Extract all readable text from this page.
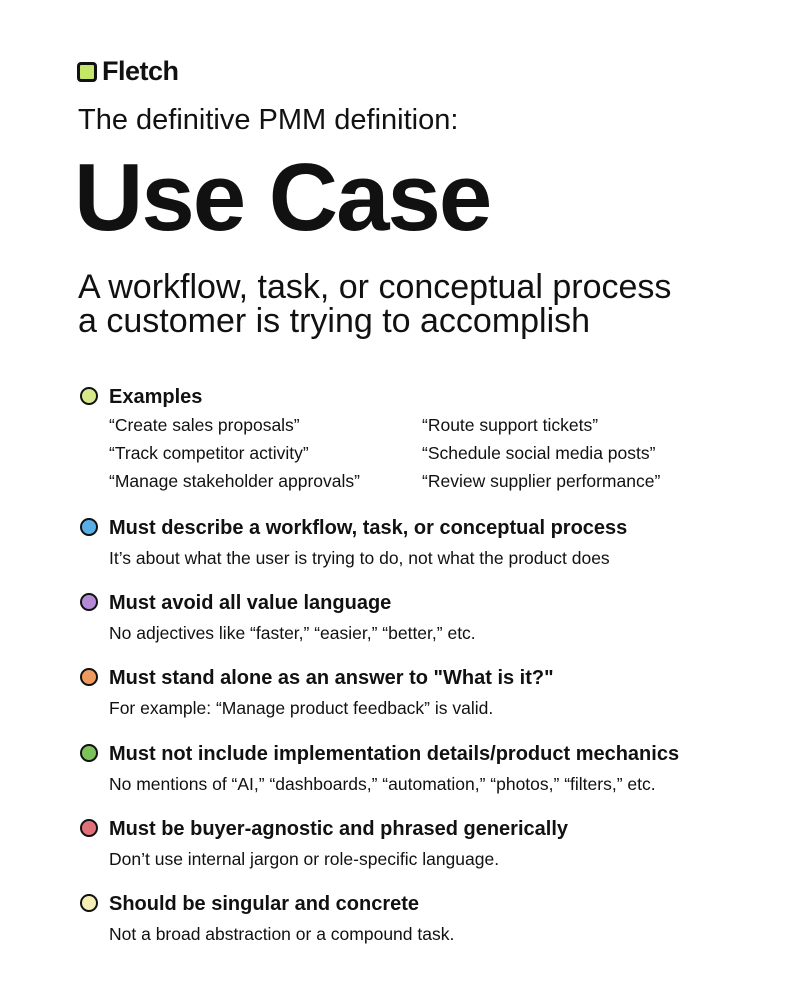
Fletch
The definitive PMM definition:
Use Case
A workflow, task, or conceptual process
a customer is trying to accomplish
Examples
“Create sales proposals”	“Route support tickets”
“Track competitor activity”	“Schedule social media posts”
“Manage stakeholder approvals”	“Review supplier performance”
Must describe a workflow, task, or conceptual process
It’s about what the user is trying to do, not what the product does
Must avoid all value language
No adjectives like “faster,” “easier,” “better,” etc.
Must stand alone as an answer to "What is it?"
For example: “Manage product feedback” is valid.
Must not include implementation details/product mechanics
No mentions of “AI,” “dashboards,” “automation,” “photos,” “filters,” etc.
Must be buyer-agnostic and phrased generically
Don’t use internal jargon or role-specific language.
Should be singular and concrete
Not a broad abstraction or a compound task.
